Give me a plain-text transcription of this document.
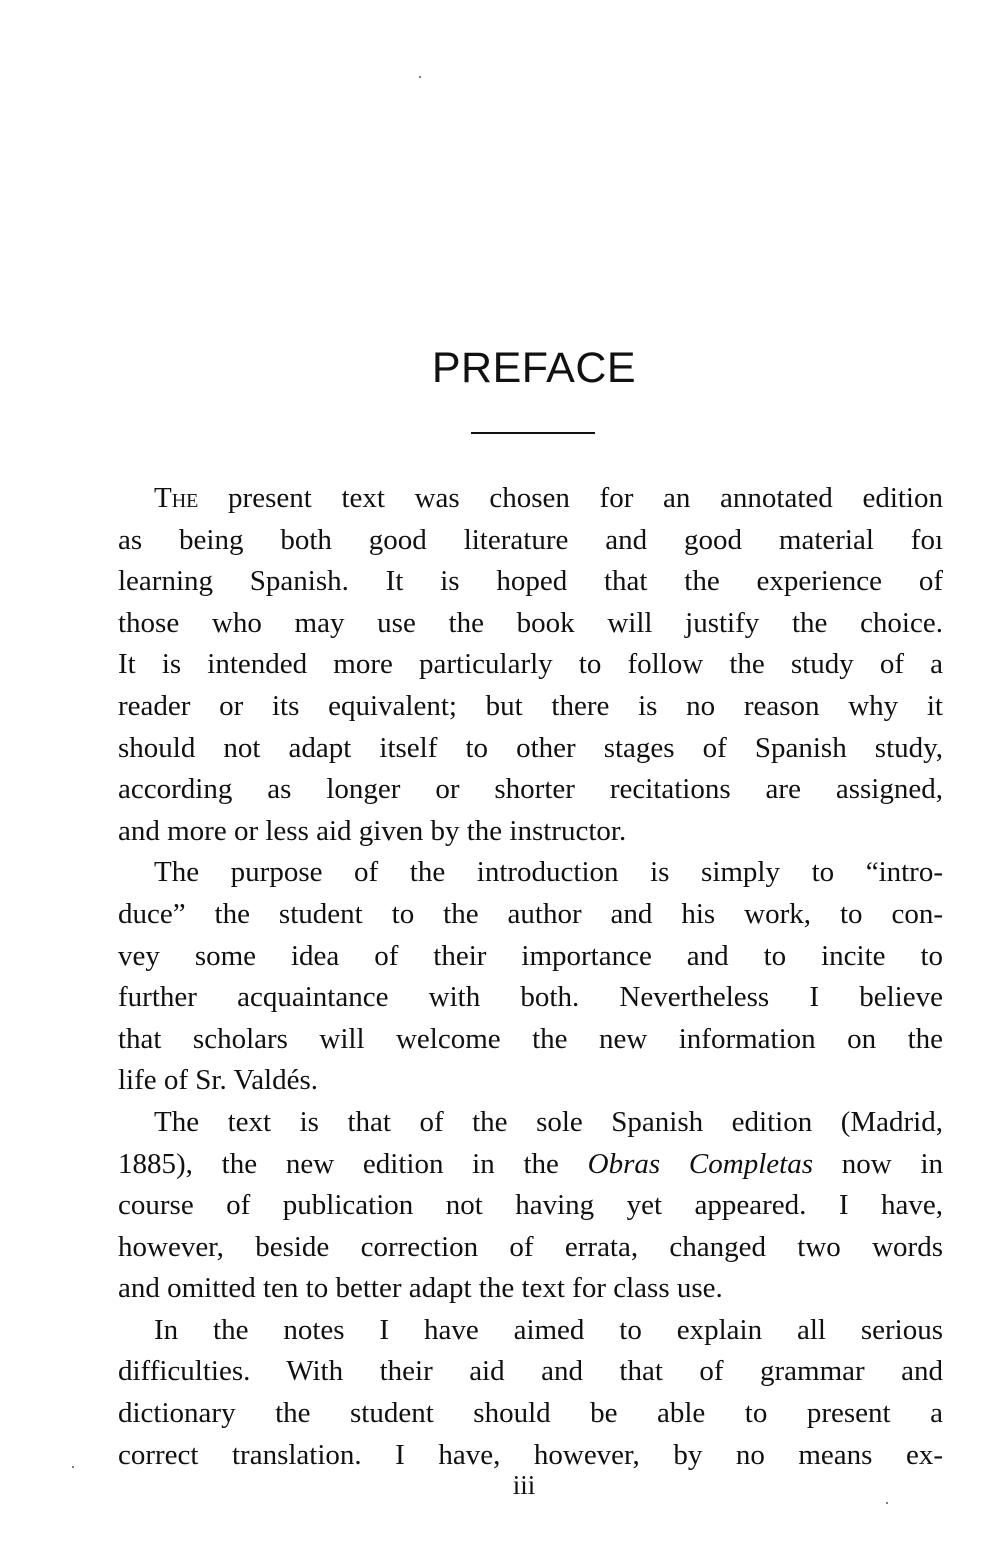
PREFACE
The present text was chosen for an annotated edition
as being both good literature and good material foı
learning Spanish. It is hoped that the experience of
those who may use the book will justify the choice.
It is intended more particularly to follow the study of a
reader or its equivalent; but there is no reason why it
should not adapt itself to other stages of Spanish study,
according as longer or shorter recitations are assigned,
and more or less aid given by the instructor.
The purpose of the introduction is simply to “intro-
duce” the student to the author and his work, to con-
vey some idea of their importance and to incite to
further acquaintance with both. Nevertheless I believe
that scholars will welcome the new information on the
life of Sr. Valdés.
The text is that of the sole Spanish edition (Madrid,
1885), the new edition in the Obras Completas now in
course of publication not having yet appeared. I have,
however, beside correction of errata, changed two words
and omitted ten to better adapt the text for class use.
In the notes I have aimed to explain all serious
difficulties. With their aid and that of grammar and
dictionary the student should be able to present a
correct translation. I have, however, by no means ex-
iii
